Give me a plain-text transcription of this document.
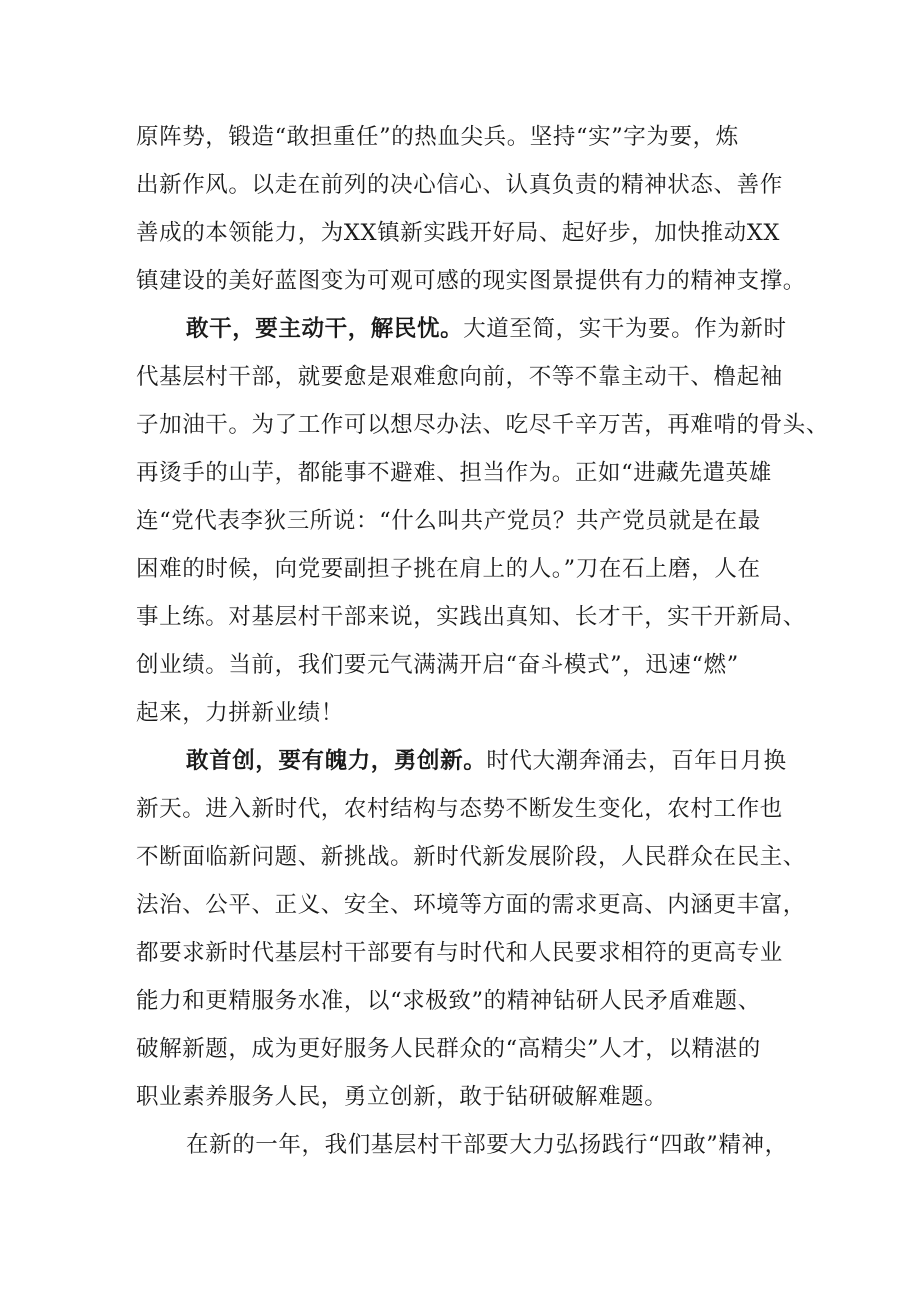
原阵势，锻造“敢担重任”的热血尖兵。坚持“实”字为要，炼
出新作风。以走在前列的决心信心、认真负责的精神状态、善作
善成的本领能力，为XX镇新实践开好局、起好步，加快推动XX
镇建设的美好蓝图变为可观可感的现实图景提供有力的精神支撑。
敢干，要主动干，解民忧。大道至简，实干为要。作为新时
代基层村干部，就要愈是艰难愈向前，不等不靠主动干、橹起袖
子加油干。为了工作可以想尽办法、吃尽千辛万苦，再难啃的骨头、
再烫手的山芋，都能事不避难、担当作为。正如“进藏先遣英雄
连“党代表李狄三所说：“什么叫共产党员？共产党员就是在最
困难的时候，向党要副担子挑在肩上的人。”刀在石上磨，人在
事上练。对基层村干部来说，实践出真知、长才干，实干开新局、
创业绩。当前，我们要元气满满开启“奋斗模式”，迅速“燃”
起来，力拼新业绩！
敢首创，要有魄力，勇创新。时代大潮奔涌去，百年日月换
新天。进入新时代，农村结构与态势不断发生变化，农村工作也
不断面临新问题、新挑战。新时代新发展阶段，人民群众在民主、
法治、公平、正义、安全、环境等方面的需求更高、内涵更丰富，
都要求新时代基层村干部要有与时代和人民要求相符的更高专业
能力和更精服务水准，以“求极致”的精神钻研人民矛盾难题、
破解新题，成为更好服务人民群众的“高精尖”人才，以精湛的
职业素养服务人民，勇立创新，敢于钻研破解难题。
在新的一年，我们基层村干部要大力弘扬践行“四敢”精神，
